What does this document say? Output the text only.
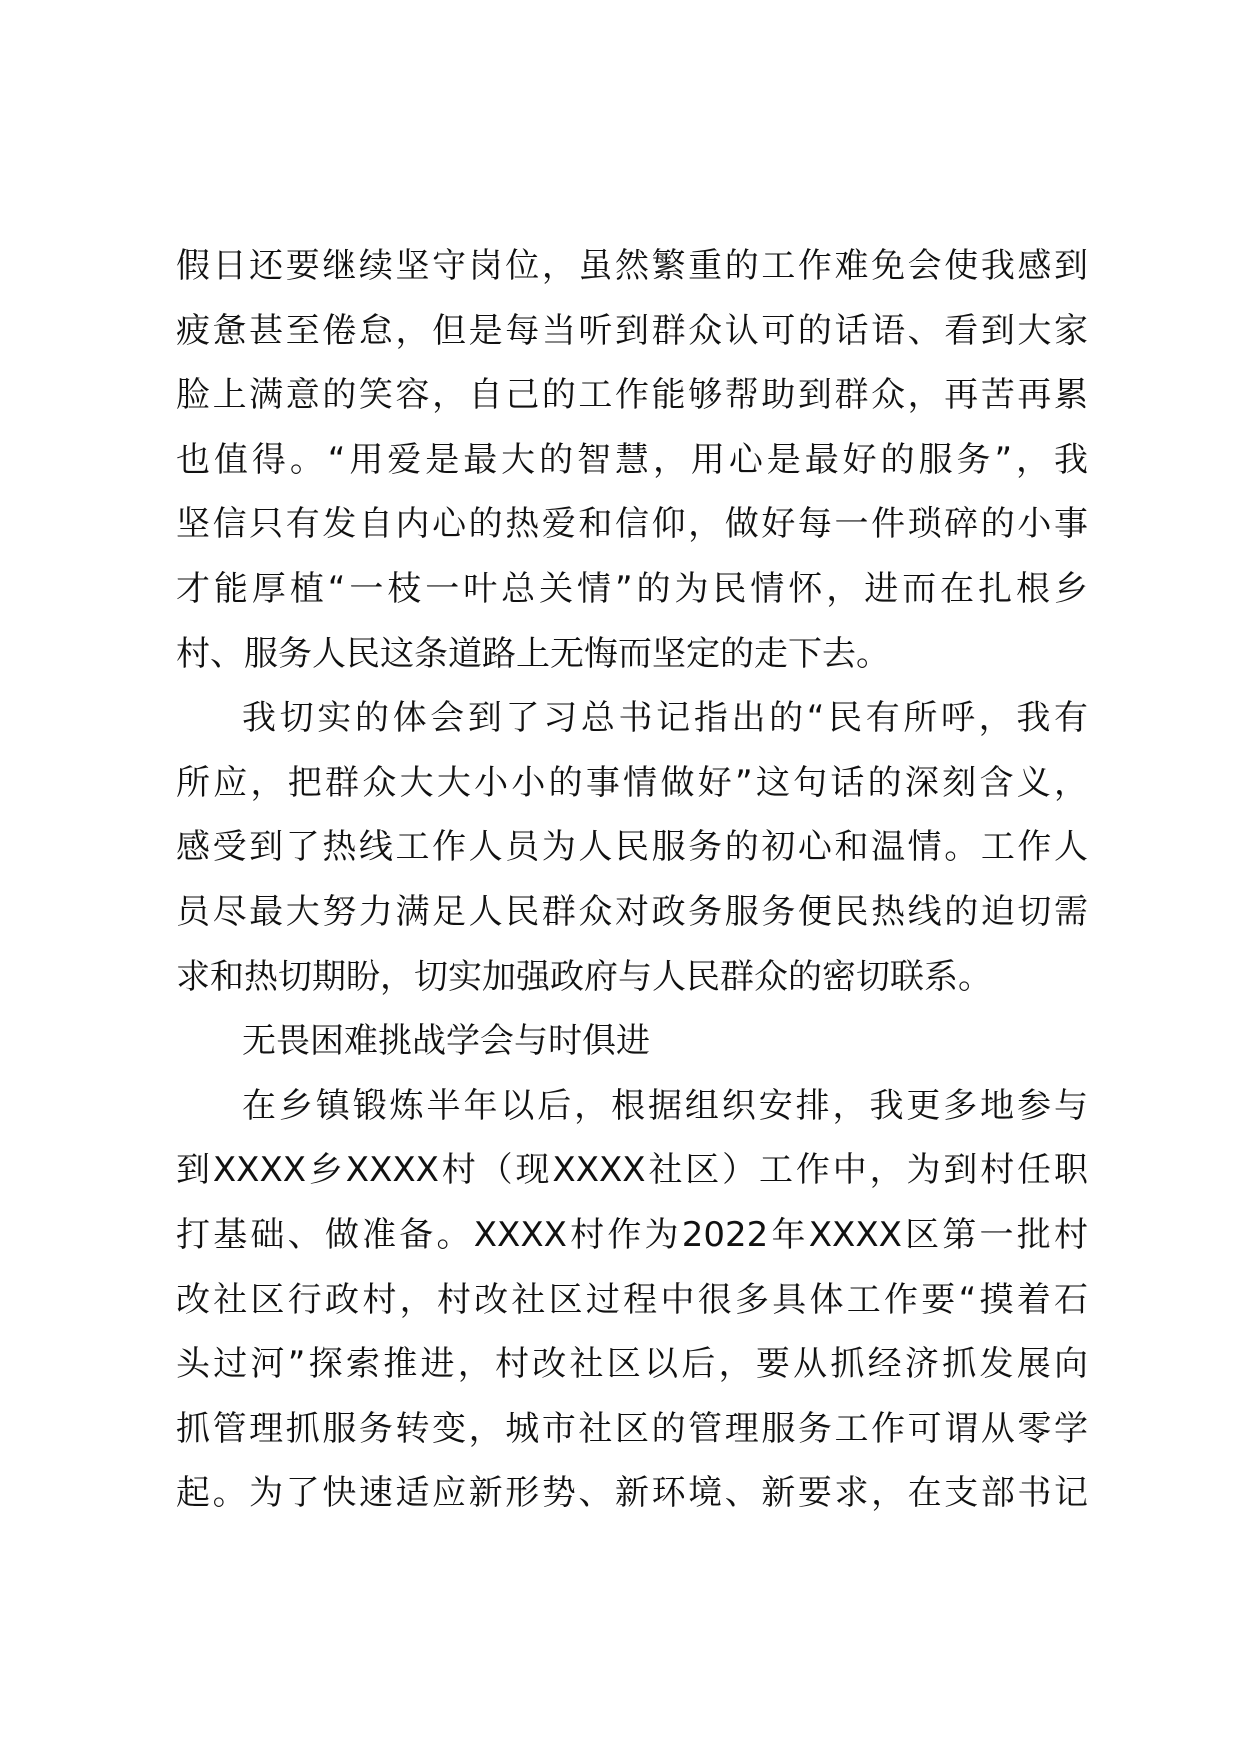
假日还要继续坚守岗位，虽然繁重的工作难免会使我感到
疲惫甚至倦怠，但是每当听到群众认可的话语、看到大家
脸上满意的笑容，自己的工作能够帮助到群众，再苦再累
也值得。“用爱是最大的智慧，用心是最好的服务”，我
坚信只有发自内心的热爱和信仰，做好每一件琐碎的小事
才能厚植“一枝一叶总关情”的为民情怀，进而在扎根乡
村、服务人民这条道路上无悔而坚定的走下去。
我切实的体会到了习总书记指出的“民有所呼，我有
所应，把群众大大小小的事情做好”这句话的深刻含义，
感受到了热线工作人员为人民服务的初心和温情。工作人
员尽最大努力满足人民群众对政务服务便民热线的迫切需
求和热切期盼，切实加强政府与人民群众的密切联系。
无畏困难挑战学会与时俱进
在乡镇锻炼半年以后，根据组织安排，我更多地参与
到XXXX乡XXXX村（现XXXX社区）工作中，为到村任职
打基础、做准备。XXXX村作为2022年XXXX区第一批村
改社区行政村，村改社区过程中很多具体工作要“摸着石
头过河”探索推进，村改社区以后，要从抓经济抓发展向
抓管理抓服务转变，城市社区的管理服务工作可谓从零学
起。为了快速适应新形势、新环境、新要求，在支部书记
